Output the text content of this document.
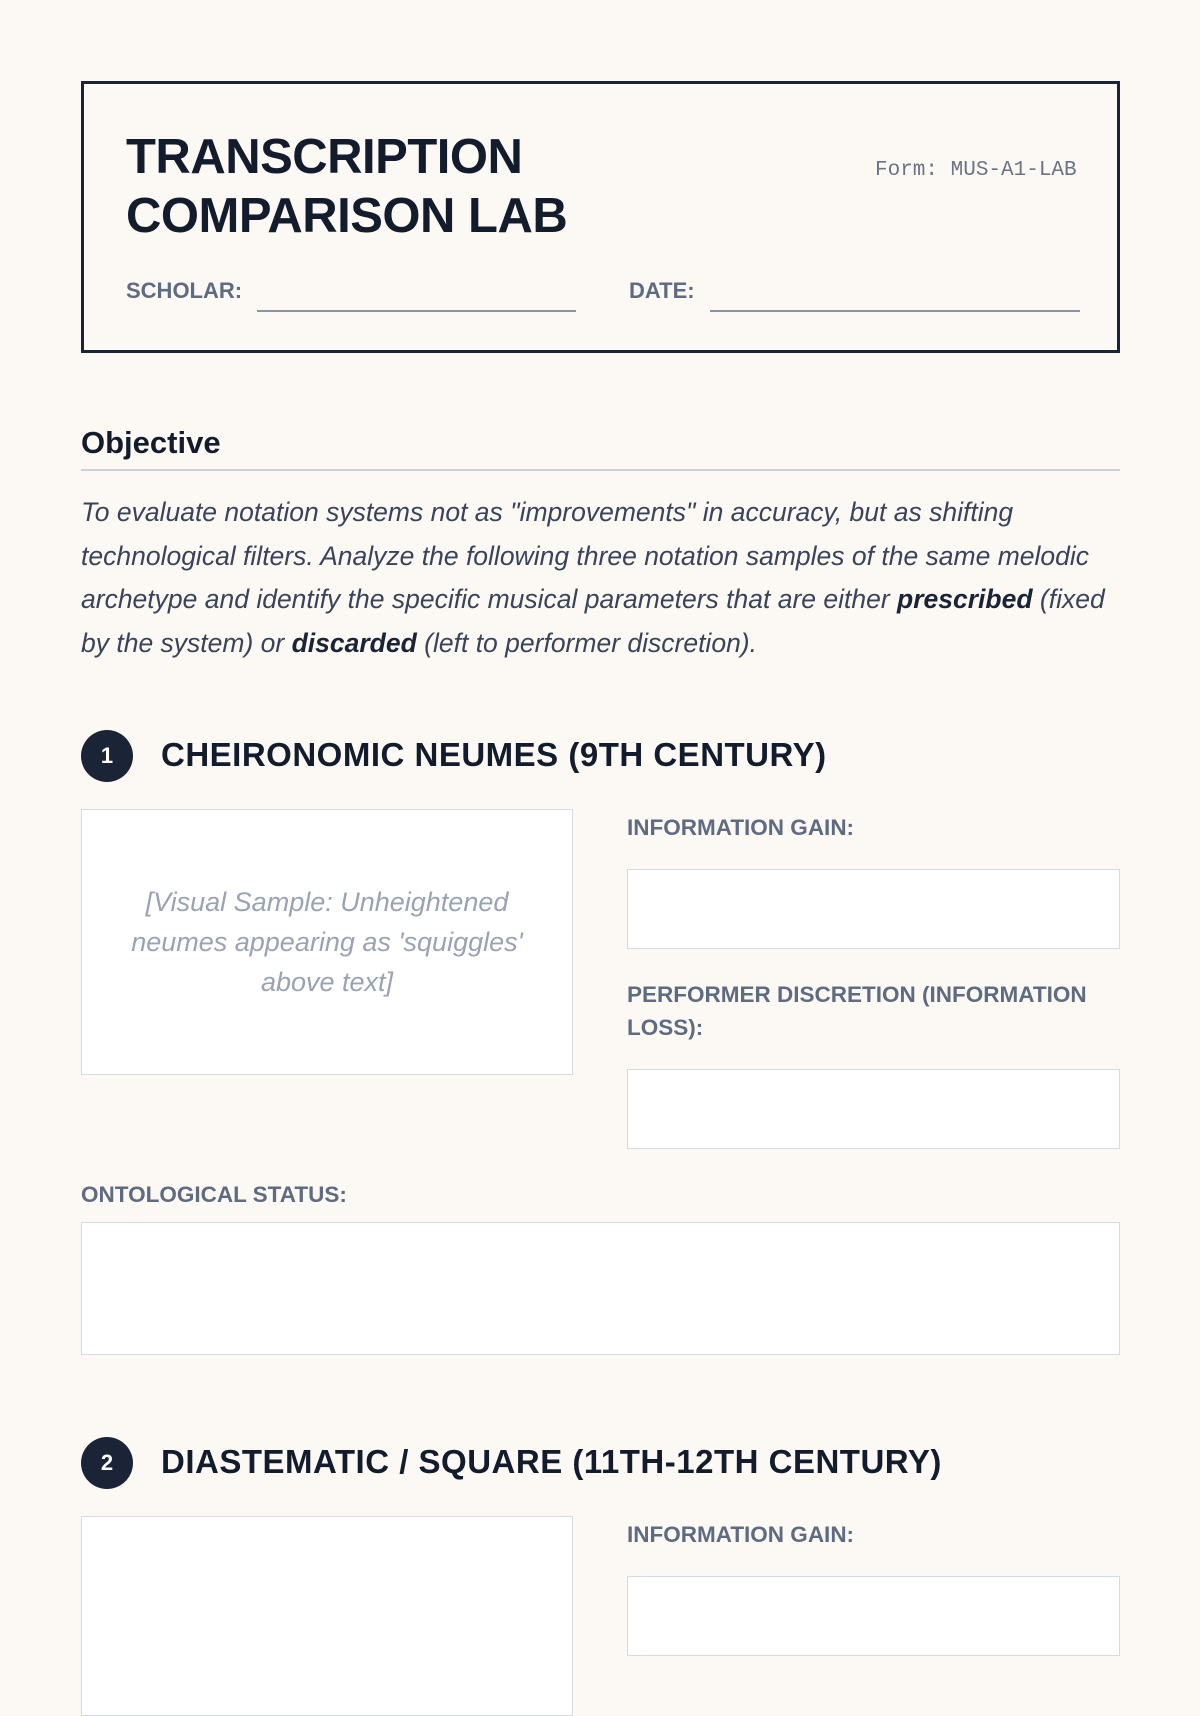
TRANSCRIPTION COMPARISON LAB
Form: MUS-A1-LAB
SCHOLAR:	DATE:
Objective
To evaluate notation systems not as "improvements" in accuracy, but as shifting technological filters. Analyze the following three notation samples of the same melodic archetype and identify the specific musical parameters that are either prescribed (fixed by the system) or discarded (left to performer discretion).
1	CHEIRONOMIC NEUMES (9TH CENTURY)
[Visual Sample: Unheightened neumes appearing as 'squiggles' above text]
INFORMATION GAIN:
PERFORMER DISCRETION (INFORMATION LOSS):
ONTOLOGICAL STATUS:
2	DIASTEMATIC / SQUARE (11TH-12TH CENTURY)
INFORMATION GAIN:
